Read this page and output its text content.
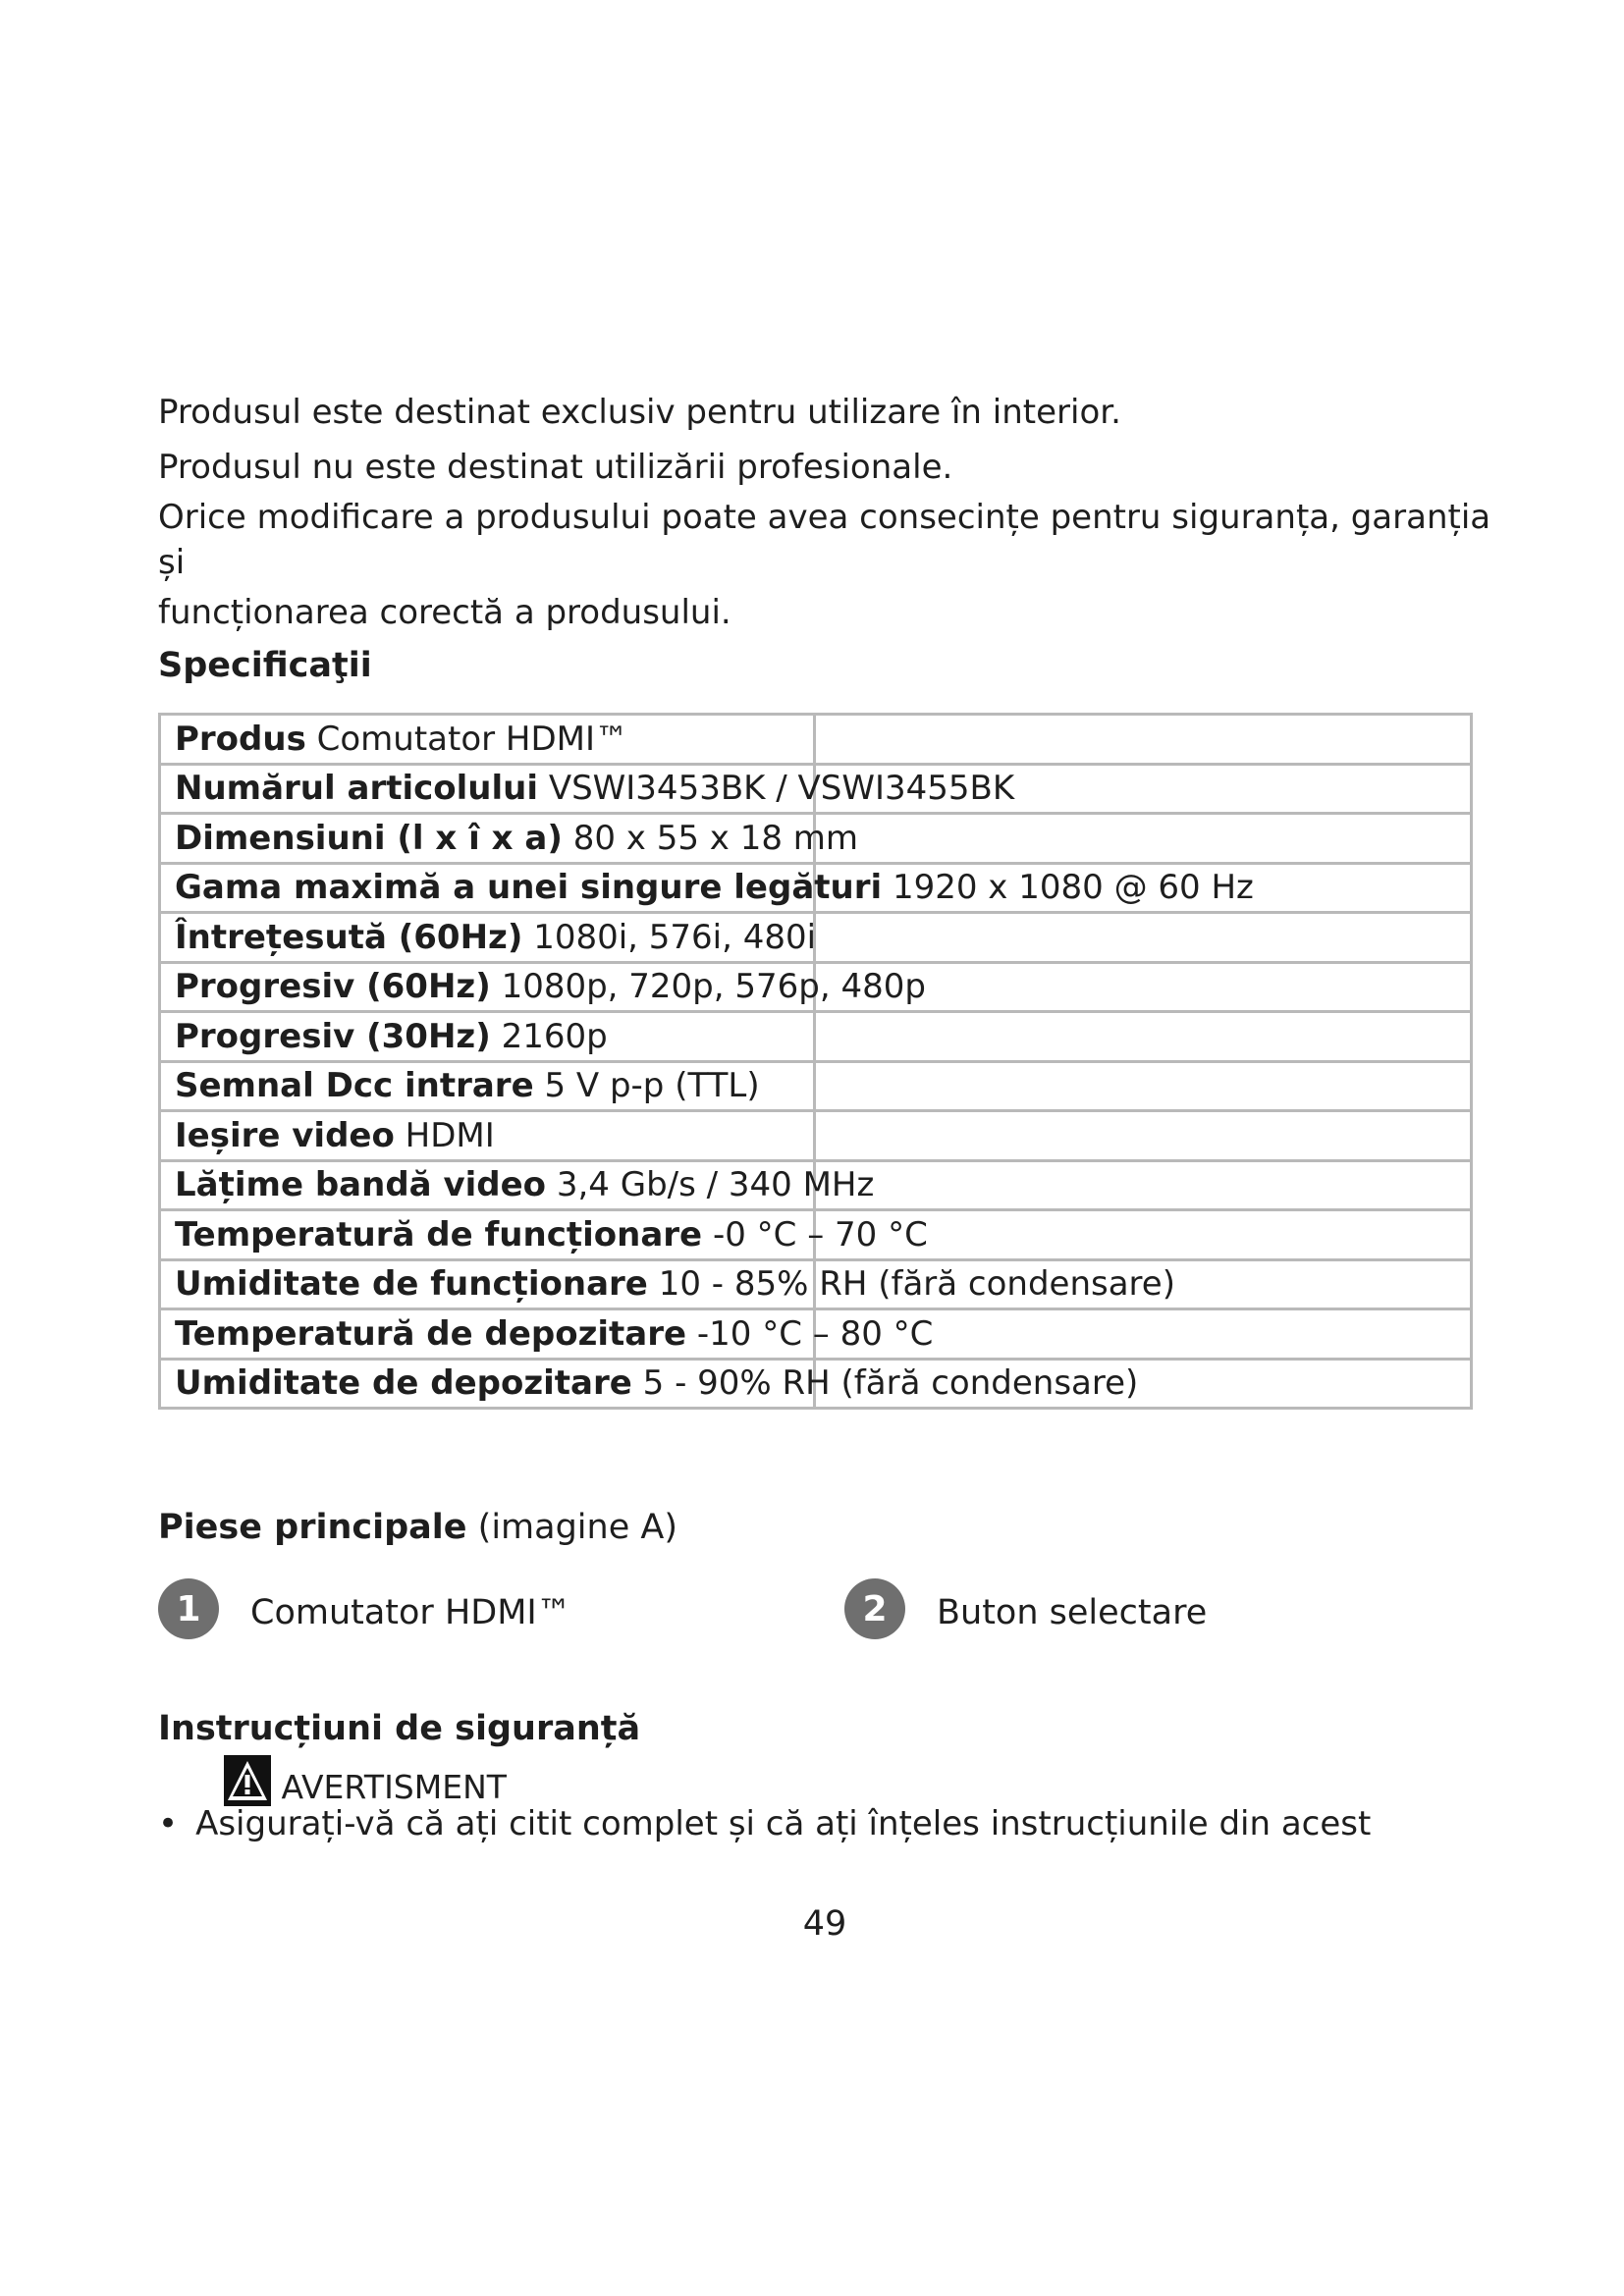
Produsul este destinat exclusiv pentru utilizare în interior.

Produsul nu este destinat utilizării profesionale.

Orice modificare a produsului poate avea consecințe pentru siguranța, garanția și

funcționarea corectă a produsului.

Specificaţii
Produs Comutator HDMI™	

Numărul articolului VSWI3453BK / VSWI3455BK	

Dimensiuni (l x î x a) 80 x 55 x 18 mm	

Gama maximă a unei singure legături 1920 x 1080 @ 60 Hz	

Întrețesută (60Hz) 1080i, 576i, 480i	

Progresiv (60Hz) 1080p, 720p, 576p, 480p	

Progresiv (30Hz) 2160p	

Semnal Dcc intrare 5 V p-p (TTL)	

Ieșire video HDMI	

Lățime bandă video 3,4 Gb/s / 340 MHz	

Temperatură de funcționare -0 °C – 70 °C	

Umiditate de funcționare 10 - 85% RH (fără condensare)	

Temperatură de depozitare -10 °C – 80 °C	

Umiditate de depozitare 5 - 90% RH (fără condensare)	

Piese principale (imagine A)
1	Comutator HDMI™	2	Buton selectare
Instrucțiuni de siguranță
AVERTISMENT
• Asigurați-vă că ați citit complet și că ați înțeles instrucțiunile din acest
49
